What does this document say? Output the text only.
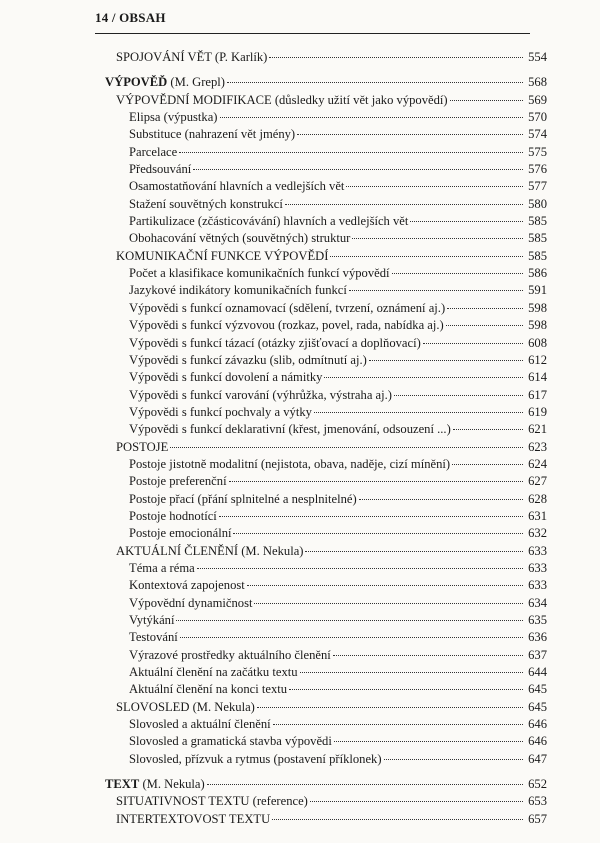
14 / OBSAH
SPOJOVÁNÍ VĚT (P. Karlík)	554
VÝPOVĚĎ (M. Grepl)	568
VÝPOVĚDNÍ MODIFIKACE (důsledky užití vět jako výpovědí)	569
Elipsa (výpustka)	570
Substituce (nahrazení vět jmény)	574
Parcelace	575
Předsouvání	576
Osamostatňování hlavních a vedlejších vět	577
Stažení souvětných konstrukcí	580
Partikulizace (zčásticovávání) hlavních a vedlejších vět	585
Obohacování větných (souvětných) struktur	585
KOMUNIKAČNÍ FUNKCE VÝPOVĚDÍ	585
Počet a klasifikace komunikačních funkcí výpovědí	586
Jazykové indikátory komunikačních funkcí	591
Výpovědi s funkcí oznamovací (sdělení, tvrzení, oznámení aj.)	598
Výpovědi s funkcí výzvovou (rozkaz, povel, rada, nabídka aj.)	598
Výpovědi s funkcí tázací (otázky zjišťovací a doplňovací)	608
Výpovědi s funkcí závazku (slib, odmítnutí aj.)	612
Výpovědi s funkcí dovolení a námitky	614
Výpovědi s funkcí varování (výhrůžka, výstraha aj.)	617
Výpovědi s funkcí pochvaly a výtky	619
Výpovědi s funkcí deklarativní (křest, jmenování, odsouzení ...)	621
POSTOJE	623
Postoje jistotně modalitní (nejistota, obava, naděje, cizí mínění)	624
Postoje preferenční	627
Postoje přací (přání splnitelné a nesplnitelné)	628
Postoje hodnotící	631
Postoje emocionální	632
AKTUÁLNÍ ČLENĚNÍ (M. Nekula)	633
Téma a réma	633
Kontextová zapojenost	633
Výpovědní dynamičnost	634
Vytýkání	635
Testování	636
Výrazové prostředky aktuálního členění	637
Aktuální členění na začátku textu	644
Aktuální členění na konci textu	645
SLOVOSLED (M. Nekula)	645
Slovosled a aktuální členění	646
Slovosled a gramatická stavba výpovědi	646
Slovosled, přízvuk a rytmus (postavení příklonek)	647
TEXT (M. Nekula)	652
SITUATIVNOST TEXTU (reference)	653
INTERTEXTOVOST TEXTU	657
